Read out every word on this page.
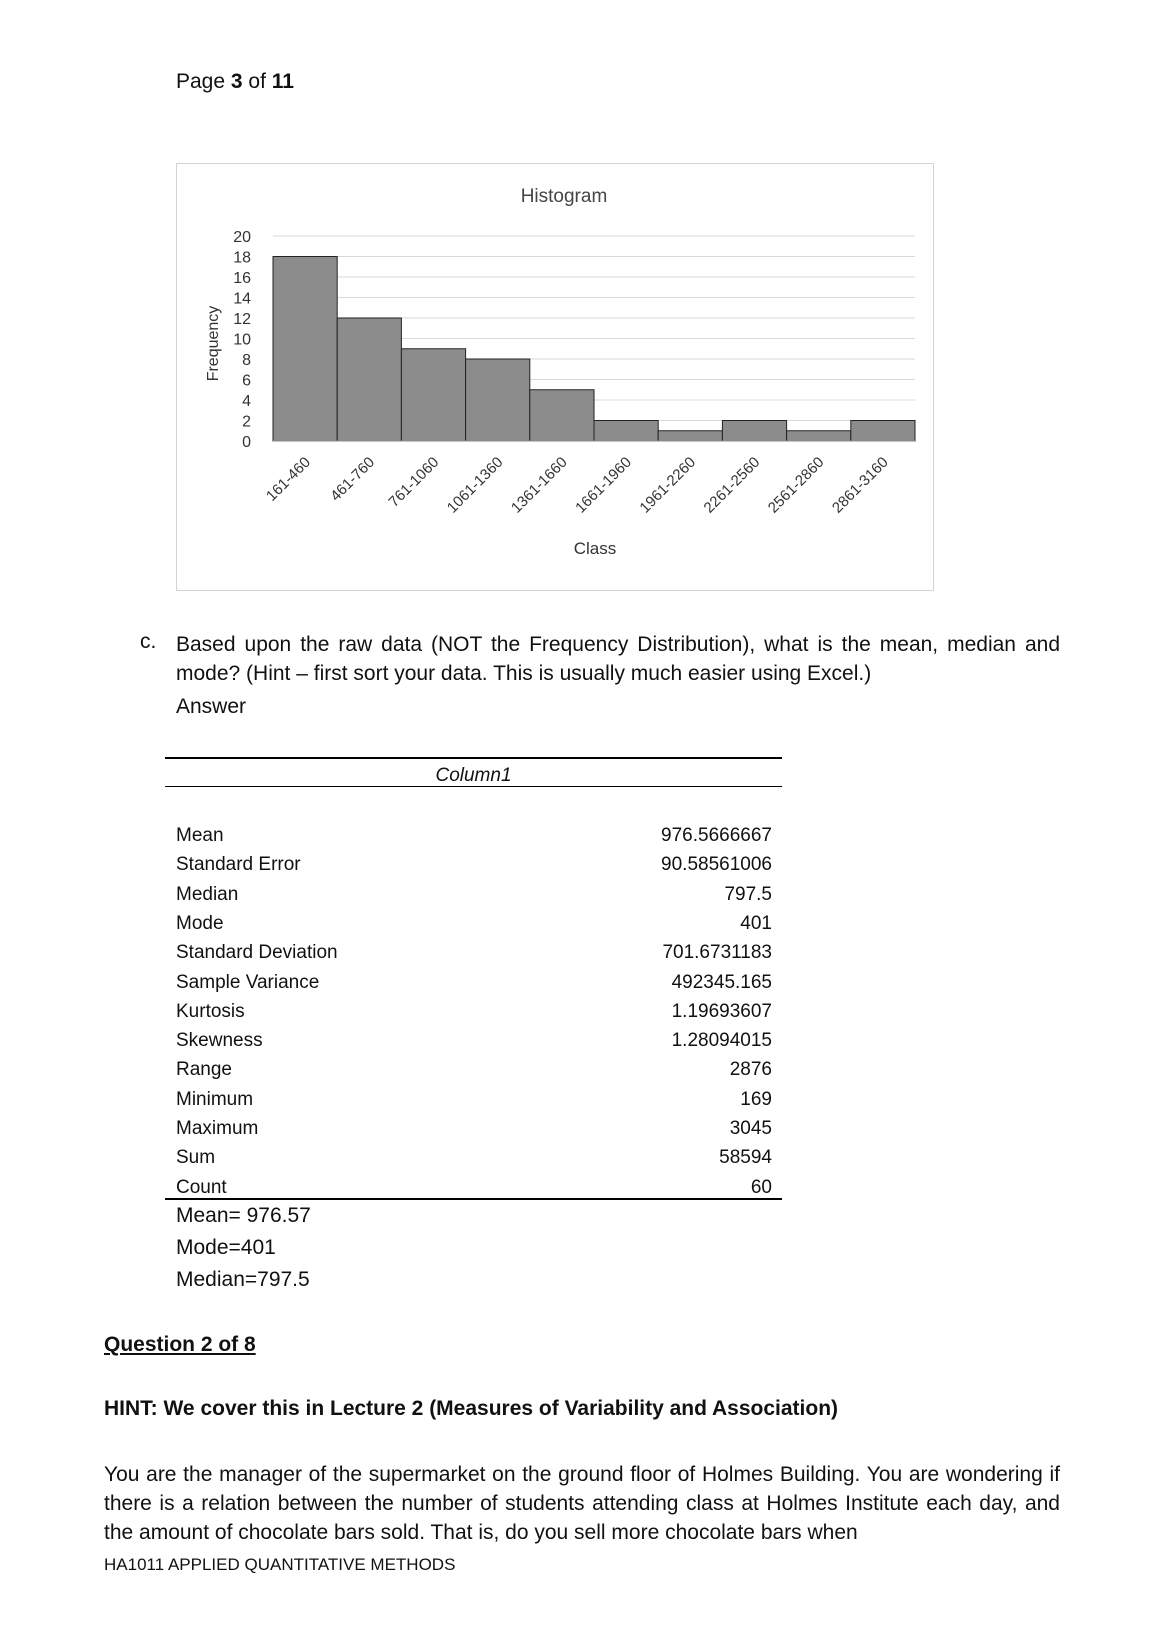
Page 3 of 11
Histogram
0
2
4
6
8
10
12
14
16
18
20
Frequency
161-460 461-760 761-1060 1061-1360 1361-1660 1661-1960 1961-2260 2261-2560 2561-2860 2861-3160
Class
c. Based upon the raw data (NOT the Frequency Distribution), what is the mean, median and mode? (Hint – first sort your data. This is usually much easier using Excel.)
Answer
Column1
Mean	976.5666667
Standard Error	90.58561006
Median	797.5
Mode	401
Standard Deviation	701.6731183
Sample Variance	492345.165
Kurtosis	1.19693607
Skewness	1.28094015
Range	2876
Minimum	169
Maximum	3045
Sum	58594
Count	60
Mean= 976.57
Mode=401
Median=797.5
Question 2 of 8
HINT: We cover this in Lecture 2 (Measures of Variability and Association)
You are the manager of the supermarket on the ground floor of Holmes Building. You are wondering if there is a relation between the number of students attending class at Holmes Institute each day, and the amount of chocolate bars sold. That is, do you sell more chocolate bars when
HA1011 APPLIED QUANTITATIVE METHODS
